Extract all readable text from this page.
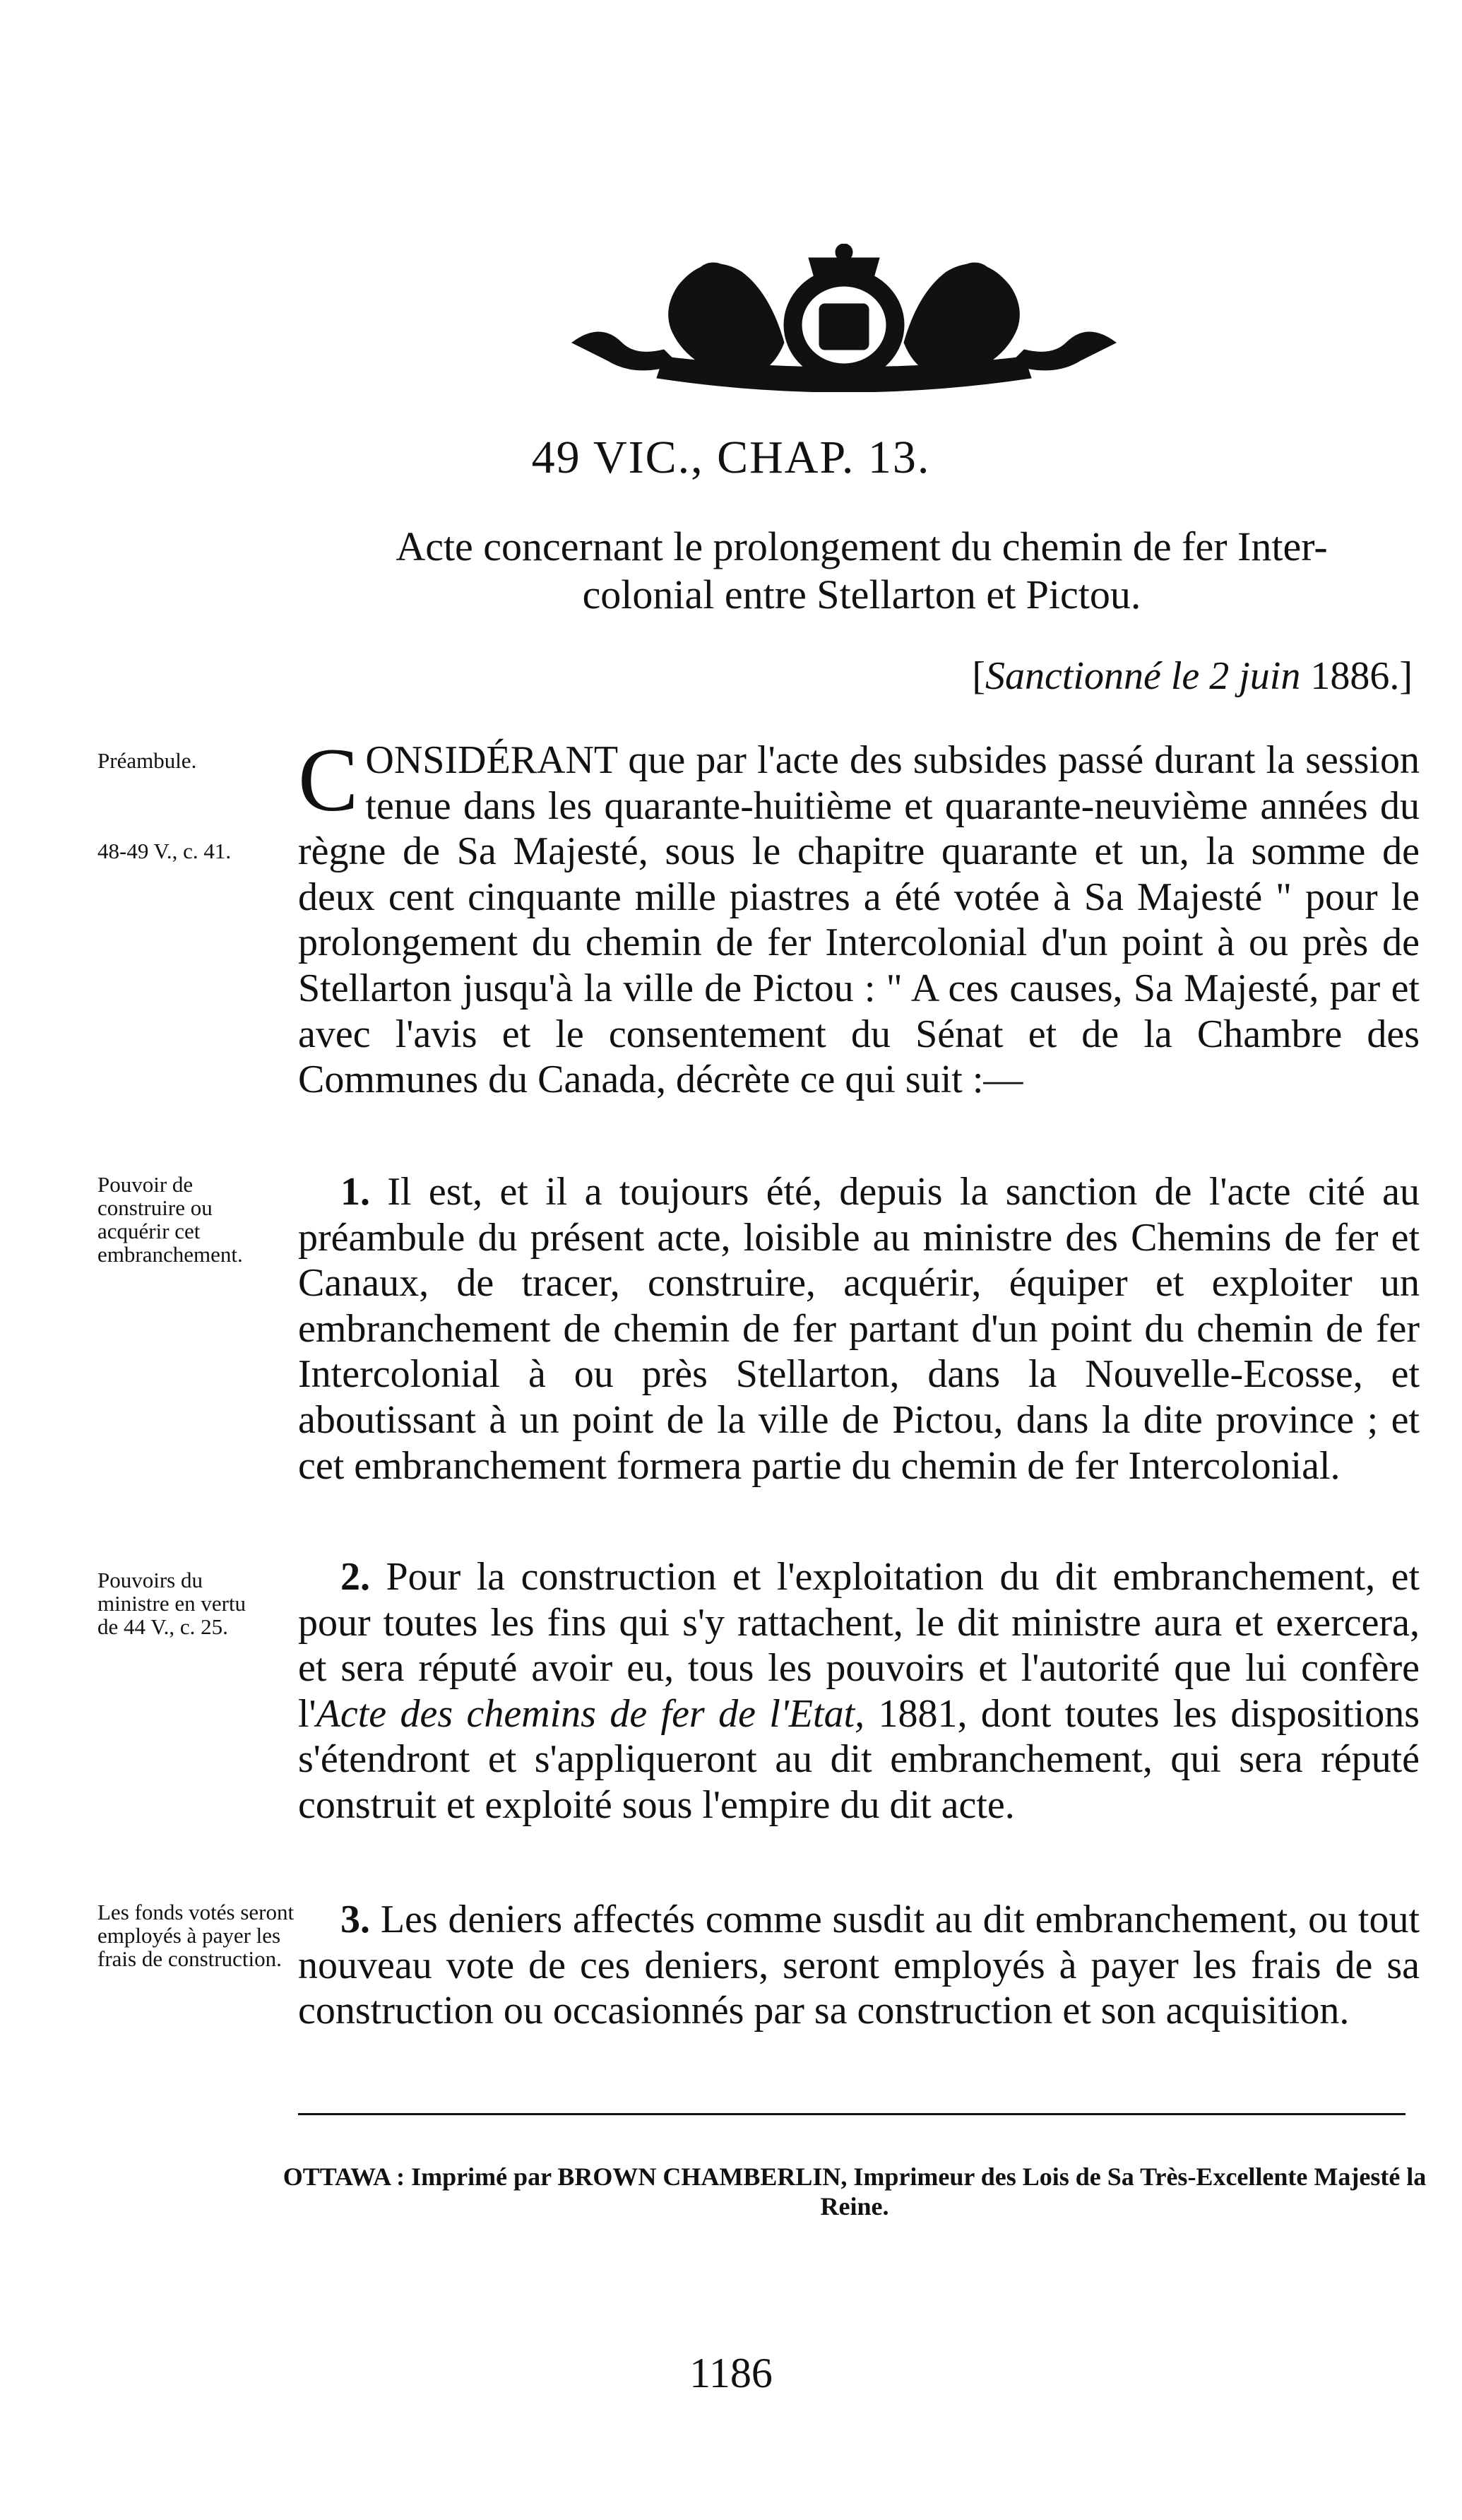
49 VIC., CHAP. 13.
Acte concernant le prolongement du chemin de fer Inter-
colonial entre Stellarton et Pictou.
[Sanctionné le 2 juin 1886.]
Préambule.
48-49 V., c. 41.
Pouvoir de construire ou acquérir cet embranchement.
Pouvoirs du ministre en vertu de 44 V., c. 25.
Les fonds votés seront employés à payer les frais de construction.
CONSIDÉRANT que par l'acte des subsides passé durant la session tenue dans les quarante-huitième et quarante-neuvième années du règne de Sa Majesté, sous le chapitre quarante et un, la somme de deux cent cinquante mille piastres a été votée à Sa Majesté " pour le prolongement du chemin de fer Intercolonial d'un point à ou près de Stellarton jusqu'à la ville de Pictou : " A ces causes, Sa Majesté, par et avec l'avis et le consentement du Sénat et de la Chambre des Communes du Canada, décrète ce qui suit :—
1. Il est, et il a toujours été, depuis la sanction de l'acte cité au préambule du présent acte, loisible au ministre des Chemins de fer et Canaux, de tracer, construire, acquérir, équiper et exploiter un embranchement de chemin de fer partant d'un point du chemin de fer Intercolonial à ou près Stellarton, dans la Nouvelle-Ecosse, et aboutissant à un point de la ville de Pictou, dans la dite province ; et cet embranchement formera partie du chemin de fer Intercolonial.
2. Pour la construction et l'exploitation du dit embranchement, et pour toutes les fins qui s'y rattachent, le dit ministre aura et exercera, et sera réputé avoir eu, tous les pouvoirs et l'autorité que lui confère l'Acte des chemins de fer de l'Etat, 1881, dont toutes les dispositions s'étendront et s'appliqueront au dit embranchement, qui sera réputé construit et exploité sous l'empire du dit acte.
3. Les deniers affectés comme susdit au dit embranchement, ou tout nouveau vote de ces deniers, seront employés à payer les frais de sa construction ou occasionnés par sa construction et son acquisition.
OTTAWA : Imprimé par BROWN CHAMBERLIN, Imprimeur des Lois de Sa Très-Excellente Majesté la Reine.
1186
